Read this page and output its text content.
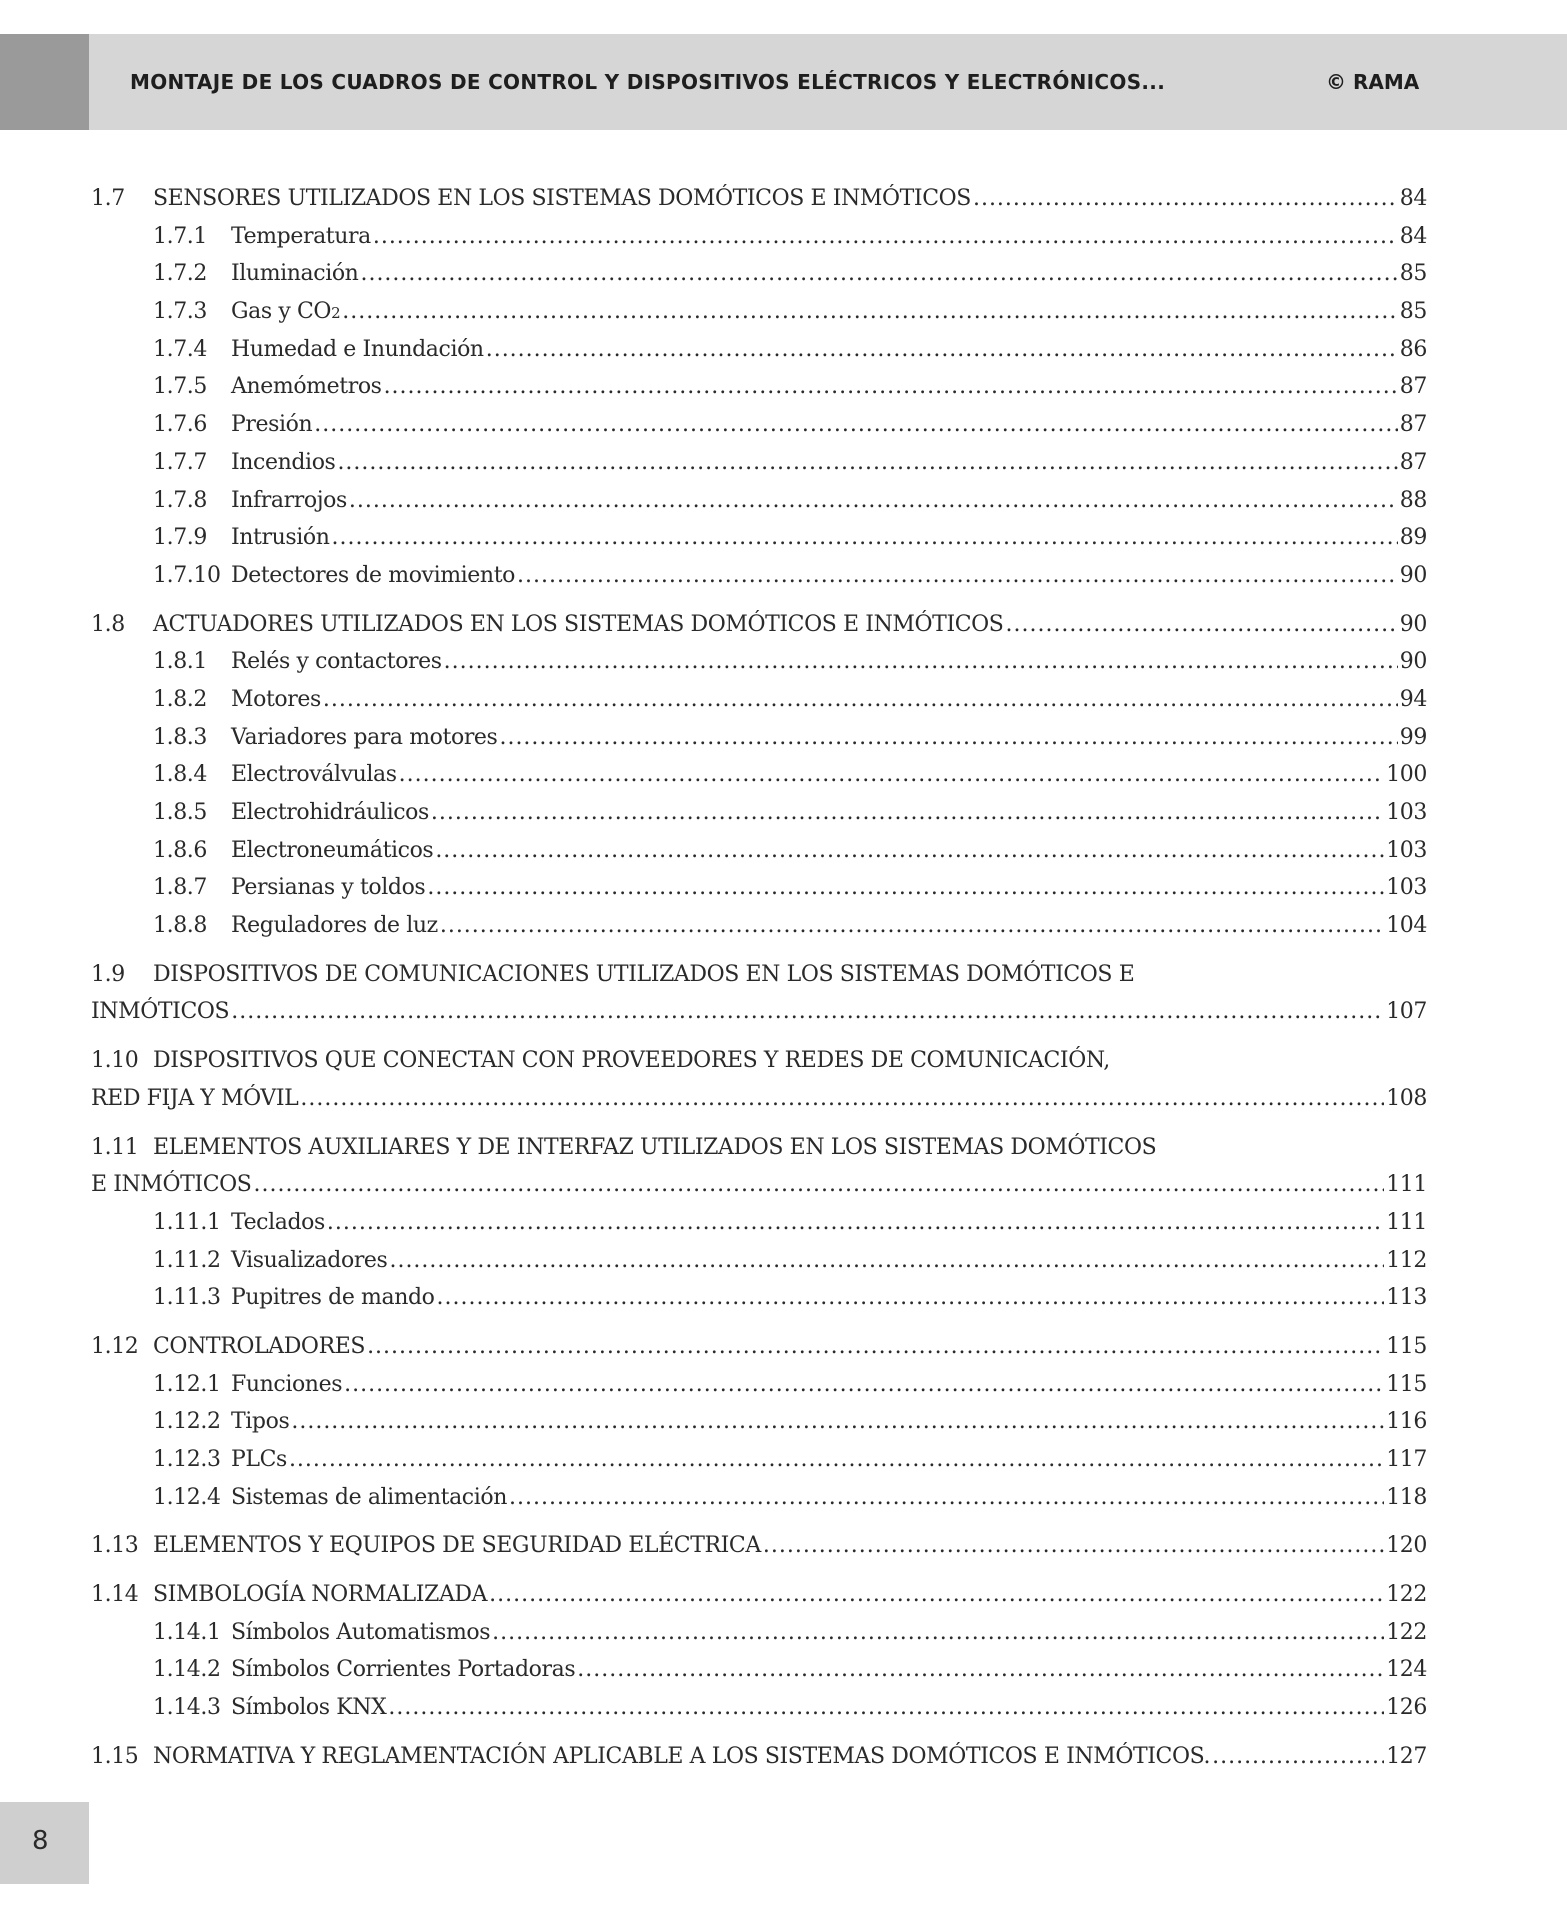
MONTAJE DE LOS CUADROS DE CONTROL Y DISPOSITIVOS ELÉCTRICOS Y ELECTRÓNICOS...	© RAMA
1.7	SENSORES UTILIZADOS EN LOS SISTEMAS DOMÓTICOS E INMÓTICOS .....	84
1.7.1	Temperatura .....	84
1.7.2	Iluminación .....	85
1.7.3	Gas y CO 2 .....	85
1.7.4	Humedad e Inundación .....	86
1.7.5	Anemómetros .....	87
1.7.6	Presión .....	87
1.7.7	Incendios .....	87
1.7.8	Infrarrojos .....	88
1.7.9	Intrusión .....	89
1.7.10 Detectores de movimiento .....	90
1.8	ACTUADORES UTILIZADOS EN LOS SISTEMAS DOMÓTICOS E INMÓTICOS .....	90
1.8.1	Relés y contactores .....	90
1.8.2	Motores .....	94
1.8.3	Variadores para motores .....	99
1.8.4	Electroválvulas .....	100
1.8.5	Electrohidráulicos .....	103
1.8.6	Electroneumáticos .....	103
1.8.7	Persianas y toldos .....	103
1.8.8	Reguladores de luz .....	104
1.9	DISPOSITIVOS DE COMUNICACIONES UTILIZADOS EN LOS SISTEMAS DOMÓTICOS E
INMÓTICOS .....	107
1.10 DISPOSITIVOS QUE CONECTAN CON PROVEEDORES Y REDES DE COMUNICACIÓN,
RED FIJA Y MÓVIL .....	108
1.11 ELEMENTOS AUXILIARES Y DE INTERFAZ UTILIZADOS EN LOS SISTEMAS DOMÓTICOS
E INMÓTICOS .....	111
1.11.1 Teclados .....	111
1.11.2 Visualizadores .....	112
1.11.3 Pupitres de mando .....	113
1.12 CONTROLADORES .....	115
1.12.1 Funciones .....	115
1.12.2 Tipos .....	116
1.12.3 PLCs .....	117
1.12.4 Sistemas de alimentación .....	118
1.13 ELEMENTOS Y EQUIPOS DE SEGURIDAD ELÉCTRICA .....	120
1.14 SIMBOLOGÍA NORMALIZADA .....	122
1.14.1 Símbolos Automatismos .....	122
1.14.2 Símbolos Corrientes Portadoras .....	124
1.14.3 Símbolos KNX .....	126
1.15 NORMATIVA Y REGLAMENTACIÓN APLICABLE A LOS SISTEMAS DOMÓTICOS E INMÓTICOS. .....	127
8
